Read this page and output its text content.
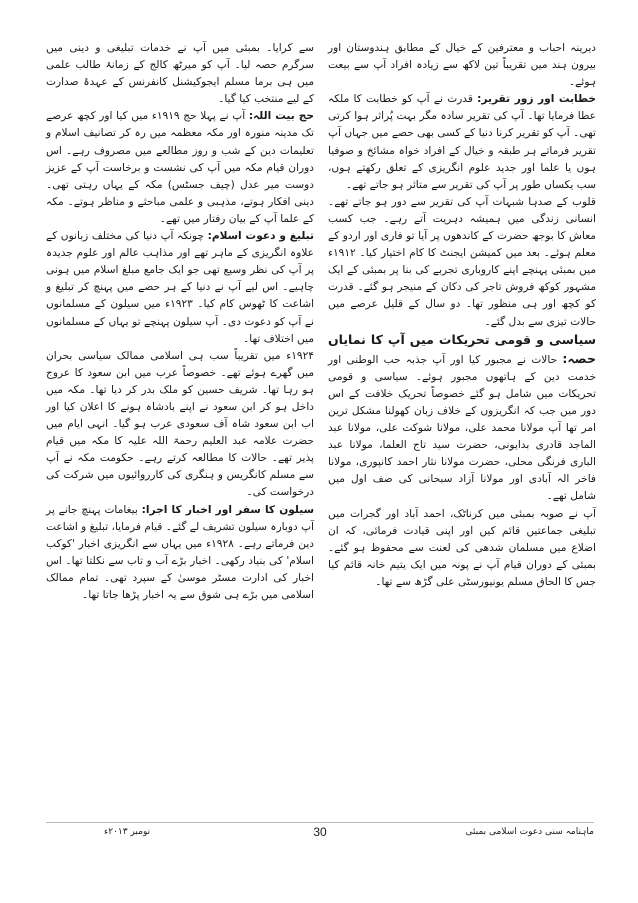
دیرینہ احباب و معترفین کے خیال کے مطابق ہندوستان اور بیرون ہند میں تقریباً تین لاکھ سے زیادہ افراد آپ سے بیعت ہوئے۔

خطابت اور زور تقریر: قدرت نے آپ کو خطابت کا ملکہ عطا فرمایا تھا۔ آپ کی تقریر سادہ مگر بہت پُراثر ہوا کرتی تھی۔ آپ کو تقریر کرنا دنیا کے کسی بھی حصے میں جہاں آپ تقریر فرماتے ہر طبقہ و خیال کے افراد خواہ مشائخ و صوفیا ہوں یا علما اور جدید علوم انگریزی کے تعلق رکھتے ہوں، سب یکساں طور پر آپ کی تقریر سے متاثر ہو جاتے تھے۔

قلوب کے صدہا شبہات آپ کی تقریر سے دور ہو جاتے تھے۔ انسانی زندگی میں ہمیشہ دہریت آتے رہے۔ جب کسب معاش کا بوجھ حضرت کے کاندھوں پر آیا تو فاری اور اردو کے معلم ہوئے۔ بعد میں کمیشن ایجنٹ کا کام اختیار کیا۔ ۱۹۱۲ء میں بمبئی پہنچے اپنے کاروباری تجربے کی بنا پر بمبئی کے ایک مشہور کوکھ فروش تاجر کی دکان کے منیجر ہو گئے۔ قدرت کو کچھ اور ہی منظور تھا۔ دو سال کے قلیل عرصے میں حالات تیزی سے بدل گئے۔

سیاسی و قومی تحریکات میں آپ کا نمایاں حصہ: حالات نے مجبور کیا اور آپ جذبہ حب الوطنی اور خدمت دین کے ہاتھوں مجبور ہوئے۔ سیاسی و قومی تحریکات میں شامل ہو گئے خصوصاً تحریک خلافت کے اس دور میں جب کہ انگریزوں کے خلاف زبان کھولنا مشکل ترین امر تھا آپ مولانا محمد علی، مولانا شوکت علی، مولانا عبد الماجد قادری بدایونی، حضرت سید تاج العلما، مولانا عبد الباری فرنگی محلی، حضرت مولانا نثار احمد کانپوری، مولانا فاخر الہ آبادی اور مولانا آزاد سبحانی کی صف اول میں شامل تھے۔

آپ نے صوبہ بمبئی میں کرناٹک، احمد آباد اور گجرات میں تبلیغی جماعتیں قائم کیں اور اپنی قیادت فرمائی، کہ ان اضلاع میں مسلمان شدھی کی لعنت سے محفوظ ہو گئے۔ بمبئی کے دوران قیام آپ نے پونہ میں ایک یتیم خانہ قائم کیا جس کا الحاق مسلم یونیورسٹی علی گڑھ سے تھا۔

سے کرایا۔ بمبئی میں آپ نے خدمات تبلیغی و دینی میں سرگرم حصہ لیا۔ آپ کو میرٹھ کالج کے زمانۂ طالب علمی میں ہی برما مسلم ایجوکیشنل کانفرنس کے عہدۂ صدارت کے لیے منتخب کیا گیا۔

حج بیت اللہ: آپ نے پہلا حج ۱۹۱۹ء میں کیا اور کچھ عرصے تک مدینہ منورہ اور مکہ معظمہ میں رہ کر تصانیف اسلام و تعلیمات دین کے شب و روز مطالعے میں مصروف رہے۔ اس دوران قیام مکہ میں آپ کی نشست و برخاست آپ کے عزیز دوست میر عدل (چیف جسٹس) مکہ کے یہاں رہتی تھی۔ دینی افکار ہوتے، مذہبی و علمی مباحثے و مناظر ہوتے۔ مکہ کے علما آپ کے بیان رفتار میں تھے۔

تبلیغ و دعوت اسلام: چونکہ آپ دنیا کی مختلف زبانوں کے علاوہ انگریزی کے ماہر تھے اور مذاہب عالم اور علوم جدیدہ پر آپ کی نظر وسیع تھی جو ایک جامع مبلغ اسلام میں ہونی چاہیے۔ اس لیے آپ نے دنیا کے ہر حصے میں پہنچ کر تبلیغ و اشاعت کا ٹھوس کام کیا۔ ۱۹۲۳ء میں سیلون کے مسلمانوں نے آپ کو دعوت دی۔ آپ سیلون پہنچے تو یہاں کے مسلمانوں میں اختلاف تھا۔

۱۹۲۴ء میں تقریباً سب ہی اسلامی ممالک سیاسی بحران میں گھرے ہوئے تھے۔ خصوصاً عرب میں ابن سعود کا عروج ہو رہا تھا۔ شریف حسین کو ملک بدر کر دیا تھا۔ مکہ میں داخل ہو کر ابن سعود نے اپنے بادشاہ ہونے کا اعلان کیا اور اب ابن سعود شاہ آف سعودی عرب ہو گیا۔ انہی ایام میں حضرت علامہ عبد العلیم رحمۃ اللہ علیہ کا مکہ میں قیام پذیر تھے۔ حالات کا مطالعہ کرتے رہے۔ حکومت مکہ نے آپ سے مسلم کانگریس و ہنگری کی کارروائیوں میں شرکت کی درخواست کی۔

سیلون کا سفر اور اخبار کا اجرا: بیغامات پہنچ جانے پر آپ دوبارہ سیلون تشریف لے گئے۔ قیام فرمایا، تبلیغ و اشاعت دین فرماتے رہے۔ ۱۹۲۸ء میں یہاں سے انگریزی اخبار 'کوکب اسلام' کی بنیاد رکھی۔ اخبار بڑے آب و تاب سے نکلتا تھا۔ اس اخبار کی ادارت مسٹر موسیٰ کے سپرد تھی۔ تمام ممالک اسلامی میں بڑے ہی شوق سے یہ اخبار پڑھا جاتا تھا۔

ماہنامہ سنی دعوت اسلامی بمبئی
30
نومبر ۲۰۱۳ء
